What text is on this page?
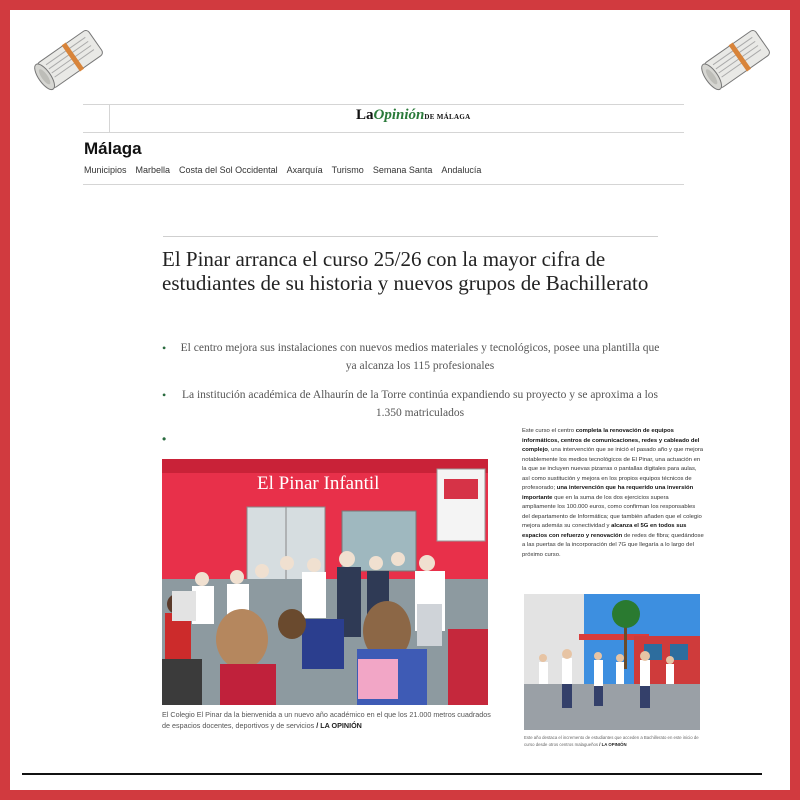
LaOpiniónDE MÁLAGA
Málaga
Municipios Marbella Costa del Sol Occidental Axarquía Turismo Semana Santa Andalucía
El Pinar arranca el curso 25/26 con la mayor cifra de estudiantes de su historia y nuevos grupos de Bachillerato
•	El centro mejora sus instalaciones con nuevos medios materiales y tecnológicos, posee una plantilla que ya alcanza los 115 profesionales
•	La institución académica de Alhaurín de la Torre continúa expandiendo su proyecto y se aproxima a los 1.350 matriculados
•
El Pinar Infantil
El Colegio El Pinar da la bienvenida a un nuevo año académico en el que los 21.000 metros cuadrados de espacios docentes, deportivos y de servicios / LA OPINIÓN
Este curso el centro completa la renovación de equipos informáticos, centros de comunicaciones, redes y cableado del complejo, una intervención que se inició el pasado año y que mejora notablemente los medios tecnológicos de El Pinar, una actuación en la que se incluyen nuevas pizarras o pantallas digitales para aulas, así como sustitución y mejora en los propios equipos técnicos de profesorado; una intervención que ha requerido una inversión importante que en la suma de los dos ejercicios supera ampliamente los 100.000 euros, como confirman los responsables del departamento de Informática; que también añaden que el colegio mejora además su conectividad y alcanza el 5G en todos sus espacios con refuerzo y renovación de redes de fibra; quedándose a las puertas de la incorporación del 7G que llegaría a lo largo del próximo curso.
Este año destaca el incremento de estudiantes que acceden a Bachillerato en este inicio de curso desde otros centros malagueños / LA OPINIÓN
